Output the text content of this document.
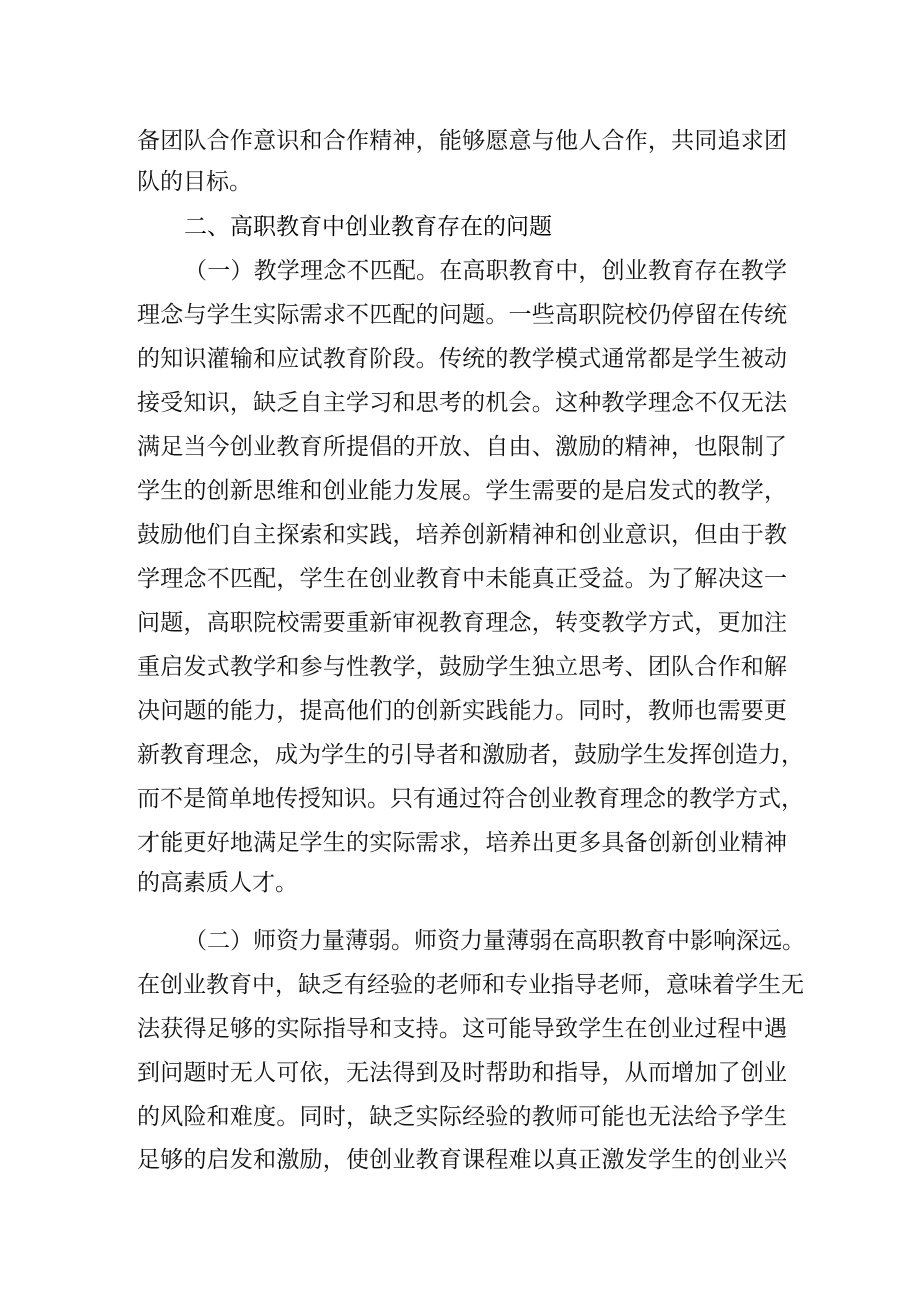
备团队合作意识和合作精神，能够愿意与他人合作，共同追求团
队的目标。
二、高职教育中创业教育存在的问题
（一）教学理念不匹配。在高职教育中，创业教育存在教学
理念与学生实际需求不匹配的问题。一些高职院校仍停留在传统
的知识灌输和应试教育阶段。传统的教学模式通常都是学生被动
接受知识，缺乏自主学习和思考的机会。这种教学理念不仅无法
满足当今创业教育所提倡的开放、自由、激励的精神，也限制了
学生的创新思维和创业能力发展。学生需要的是启发式的教学，
鼓励他们自主探索和实践，培养创新精神和创业意识，但由于教
学理念不匹配，学生在创业教育中未能真正受益。为了解决这一
问题，高职院校需要重新审视教育理念，转变教学方式，更加注
重启发式教学和参与性教学，鼓励学生独立思考、团队合作和解
决问题的能力，提高他们的创新实践能力。同时，教师也需要更
新教育理念，成为学生的引导者和激励者，鼓励学生发挥创造力，
而不是简单地传授知识。只有通过符合创业教育理念的教学方式，
才能更好地满足学生的实际需求，培养出更多具备创新创业精神
的高素质人才。
（二）师资力量薄弱。师资力量薄弱在高职教育中影响深远。
在创业教育中，缺乏有经验的老师和专业指导老师，意味着学生无
法获得足够的实际指导和支持。这可能导致学生在创业过程中遇
到问题时无人可依，无法得到及时帮助和指导，从而增加了创业
的风险和难度。同时，缺乏实际经验的教师可能也无法给予学生
足够的启发和激励，使创业教育课程难以真正激发学生的创业兴
